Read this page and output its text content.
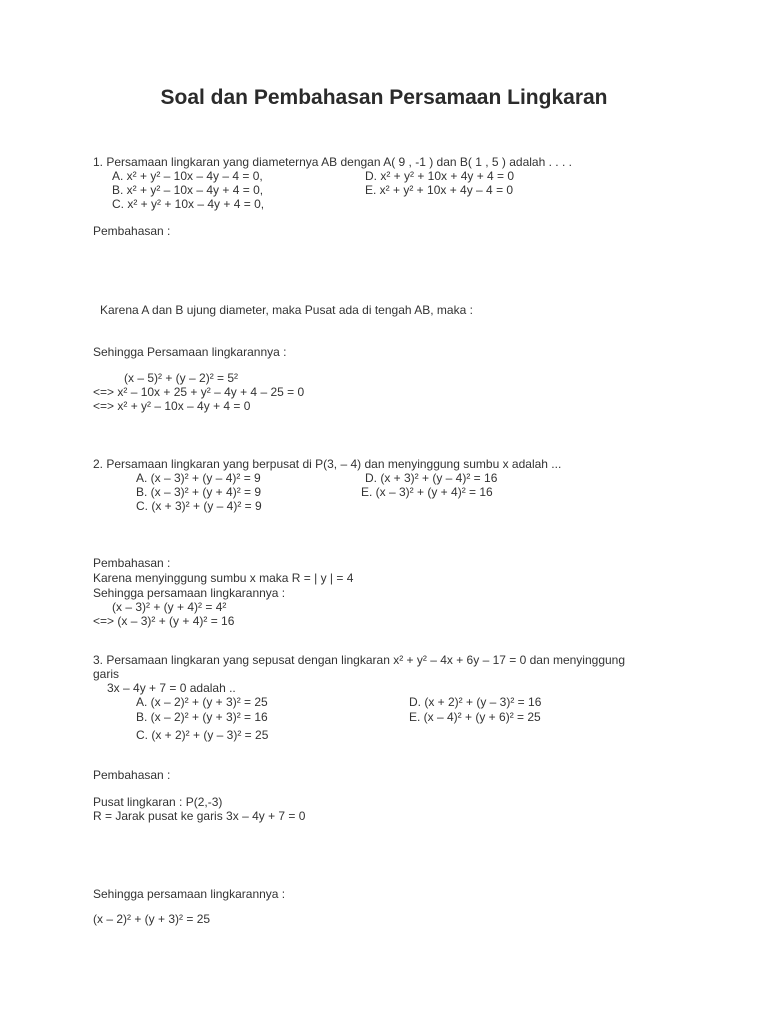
Soal dan Pembahasan Persamaan Lingkaran
1. Persamaan lingkaran yang diameternya AB dengan A( 9 , -1 ) dan B( 1 , 5 ) adalah . . . .
A. x² + y² – 10x – 4y – 4 = 0,	D. x² + y² + 10x + 4y + 4 = 0
B. x² + y² – 10x – 4y + 4 = 0,	E. x² + y² + 10x + 4y – 4 = 0
C. x² + y² + 10x – 4y + 4 = 0,
Pembahasan :
Karena A dan B ujung diameter, maka Pusat ada di tengah AB, maka :
Sehingga Persamaan lingkarannya :
(x – 5)² + (y – 2)² = 5²
<=> x² – 10x + 25 + y² – 4y + 4 – 25 = 0
<=> x² + y² – 10x – 4y + 4 = 0
2. Persamaan lingkaran yang berpusat di P(3, – 4) dan menyinggung sumbu x adalah ...
A. (x – 3)² + (y – 4)² = 9	D. (x + 3)² + (y – 4)² = 16
B. (x – 3)² + (y + 4)² = 9	E. (x – 3)² + (y + 4)² = 16
C. (x + 3)² + (y – 4)² = 9
Pembahasan :
Karena menyinggung sumbu x maka R = | y | = 4
Sehingga persamaan lingkarannya :
(x – 3)² + (y + 4)² = 4²
<=> (x – 3)² + (y + 4)² = 16
3. Persamaan lingkaran yang sepusat dengan lingkaran x² + y² – 4x + 6y – 17 = 0 dan menyinggung
garis
3x – 4y + 7 = 0 adalah ..
A. (x – 2)² + (y + 3)² = 25	D. (x + 2)² + (y – 3)² = 16
B. (x – 2)² + (y + 3)² = 16	E. (x – 4)² + (y + 6)² = 25
C. (x + 2)² + (y – 3)² = 25
Pembahasan :
Pusat lingkaran : P(2,-3)
R = Jarak pusat ke garis 3x – 4y + 7 = 0
Sehingga persamaan lingkarannya :
(x – 2)² + (y + 3)² = 25
